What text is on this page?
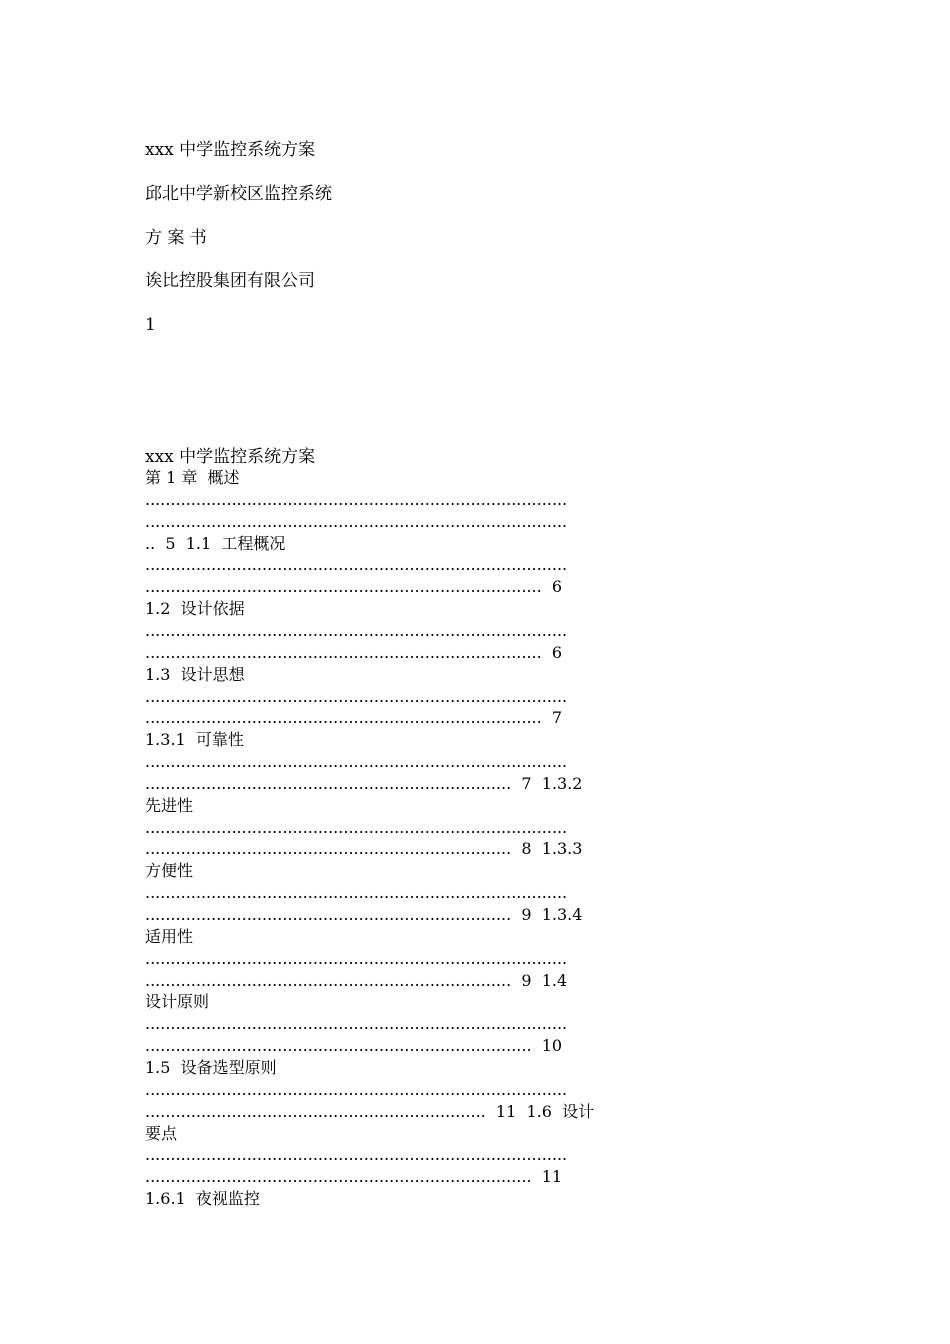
xxx 中学监控系统方案
邱北中学新校区监控系统
方 案 书
诶比控股集团有限公司
1
xxx 中学监控系统方案
第 1 章  概述
...................................................................................
...................................................................................
..  5  1.1  工程概况
...................................................................................
..............................................................................  6
1.2  设计依据
...................................................................................
..............................................................................  6
1.3  设计思想
...................................................................................
..............................................................................  7
1.3.1  可靠性
...................................................................................
........................................................................  7  1.3.2
先进性
...................................................................................
........................................................................  8  1.3.3
方便性
...................................................................................
........................................................................  9  1.3.4
适用性
...................................................................................
........................................................................  9  1.4
设计原则
...................................................................................
............................................................................  10
1.5  设备选型原则
...................................................................................
...................................................................  11  1.6  设计
要点
...................................................................................
............................................................................  11
1.6.1  夜视监控
